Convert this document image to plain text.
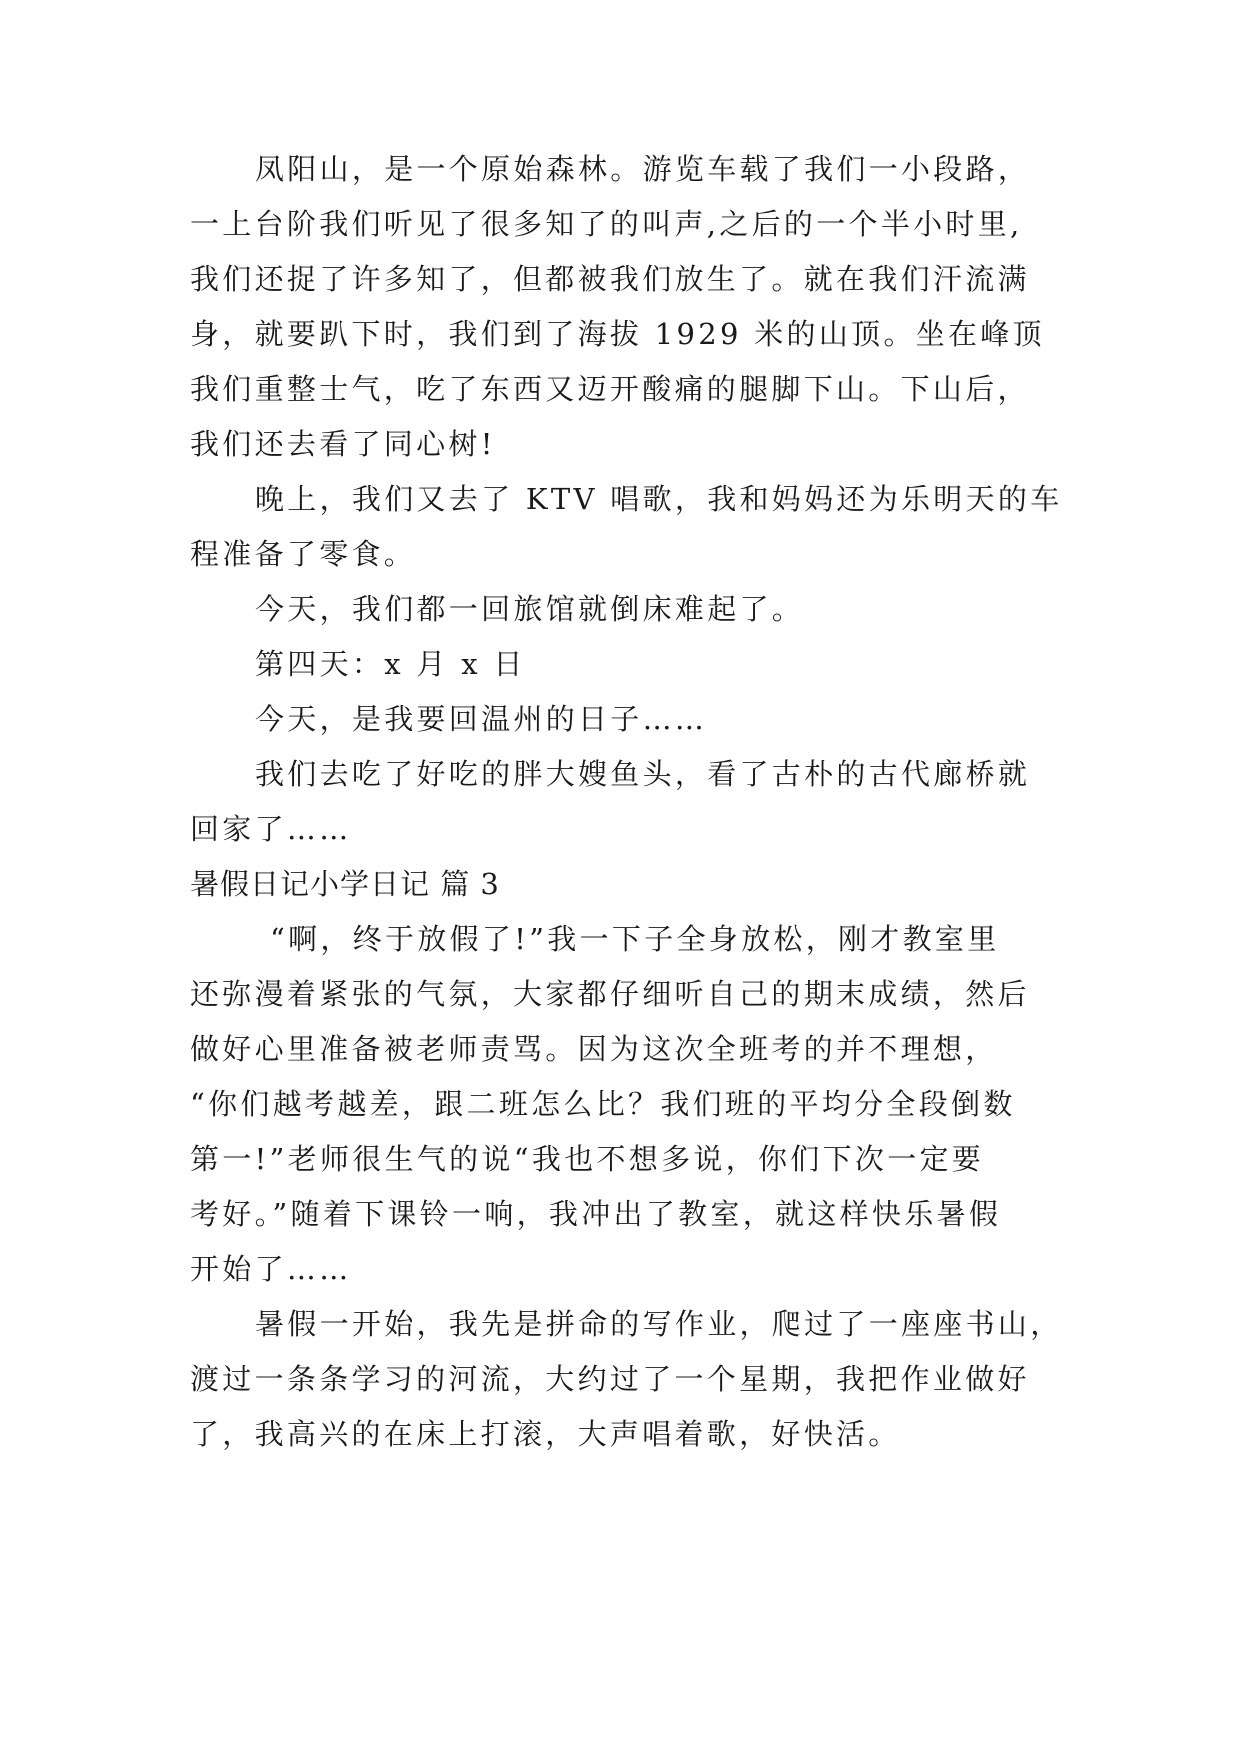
凤阳山，是一个原始森林。游览车载了我们一小段路，
一上台阶我们听见了很多知了的叫声,之后的一个半小时里,
我们还捉了许多知了，但都被我们放生了。就在我们汗流满
身，就要趴下时，我们到了海拔 1929 米的山顶。坐在峰顶
我们重整士气，吃了东西又迈开酸痛的腿脚下山。下山后，
我们还去看了同心树!
晚上，我们又去了 KTV 唱歌，我和妈妈还为乐明天的车
程准备了零食。
今天，我们都一回旅馆就倒床难起了。
第四天：x 月 x 日
今天，是我要回温州的日子……
我们去吃了好吃的胖大嫂鱼头，看了古朴的古代廊桥就
回家了……
暑假日记小学日记 篇 3
“啊，终于放假了!”我一下子全身放松，刚才教室里
还弥漫着紧张的气氛，大家都仔细听自己的期末成绩，然后
做好心里准备被老师责骂。因为这次全班考的并不理想，
“你们越考越差，跟二班怎么比？我们班的平均分全段倒数
第一!”老师很生气的说“我也不想多说，你们下次一定要
考好。”随着下课铃一响，我冲出了教室，就这样快乐暑假
开始了……
暑假一开始，我先是拼命的写作业，爬过了一座座书山，
渡过一条条学习的河流，大约过了一个星期，我把作业做好
了，我高兴的在床上打滚，大声唱着歌，好快活。
